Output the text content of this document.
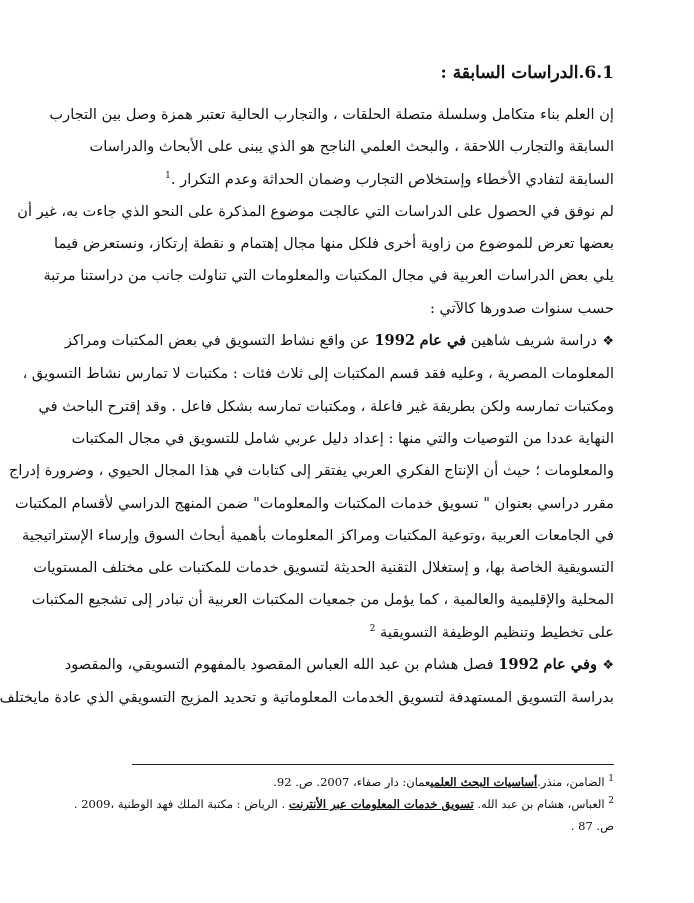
6.1.الدراسات السابقة :

إن العلم بناء متكامل وسلسلة متصلة الحلقات ، والتجارب الحالية تعتبر همزة وصل بين التجارب
السابقة والتجارب اللاحقة ، والبحث العلمي الناجح هو الذي يبنى على الأبحاث والدراسات
السابقة لتفادي الأخطاء وإستخلاص التجارب وضمان الحداثة وعدم التكرار .$^1$

لم نوفق في الحصول على الدراسات التي عالجت موضوع المذكرة على النحو الذي جاءت به، غير أن
بعضها تعرض للموضوع من زاوية أخرى فلكل منها مجال إهتمام و نقطة إرتكاز، ونستعرض فيما
يلي بعض الدراسات العربية في مجال المكتبات والمعلومات التي تناولت جانب من دراستنا مرتبة
حسب سنوات صدورها كالآتي :

❖دراسة شريف شاهين في عام 1992 عن واقع نشاط التسويق في بعض المكتبات ومراكز
المعلومات المصرية ، وعليه فقد قسم المكتبات إلى ثلاث فئات : مكتبات لا تمارس نشاط التسويق ،
ومكتبات تمارسه ولكن بطريقة غير فاعلة ، ومكتبات تمارسه بشكل فاعل . وقد إقترح الباحث في
النهاية عددا من التوصيات والتي منها : إعداد دليل عربي شامل للتسويق في مجال المكتبات
والمعلومات ؛ حيث أن الإنتاج الفكري العربي يفتقر إلى كتابات في هذا المجال الحيوي ، وضرورة إدراج
مقرر دراسي بعنوان " تسويق خدمات المكتبات والمعلومات" ضمن المنهج الدراسي لأقسام المكتبات
في الجامعات العربية ،وتوعية المكتبات ومراكز المعلومات بأهمية أبحاث السوق وإرساء الإستراتيجية
التسويقية الخاصة بها، و إستغلال التقنية الحديثة لتسويق خدمات للمكتبات على مختلف المستويات
المحلية والإقليمية والعالمية ، كما يؤمل من جمعيات المكتبات العربية أن تبادر إلى تشجيع المكتبات
على تخطيط وتنظيم الوظيفة التسويقية $^2$

❖وفي عام 1992 فصل هشام بن عبد الله العباس المقصود بالمفهوم التسويقي، والمقصود
بدراسة التسويق المستهدفة لتسويق الخدمات المعلوماتية و تحديد المزيج التسويقي الذي عادة مايختلف

$^1$ الضامن، منذر.أساسيات البحث العلميعمان: دار صفاء، 2007. ص. 92.
$^2$ العباس، هشام بن عبد الله. تسويق خدمات المعلومات عبر الأنترنت . الرياض : مكتبة الملك فهد الوطنية ،2009 .
ص. 87 .
